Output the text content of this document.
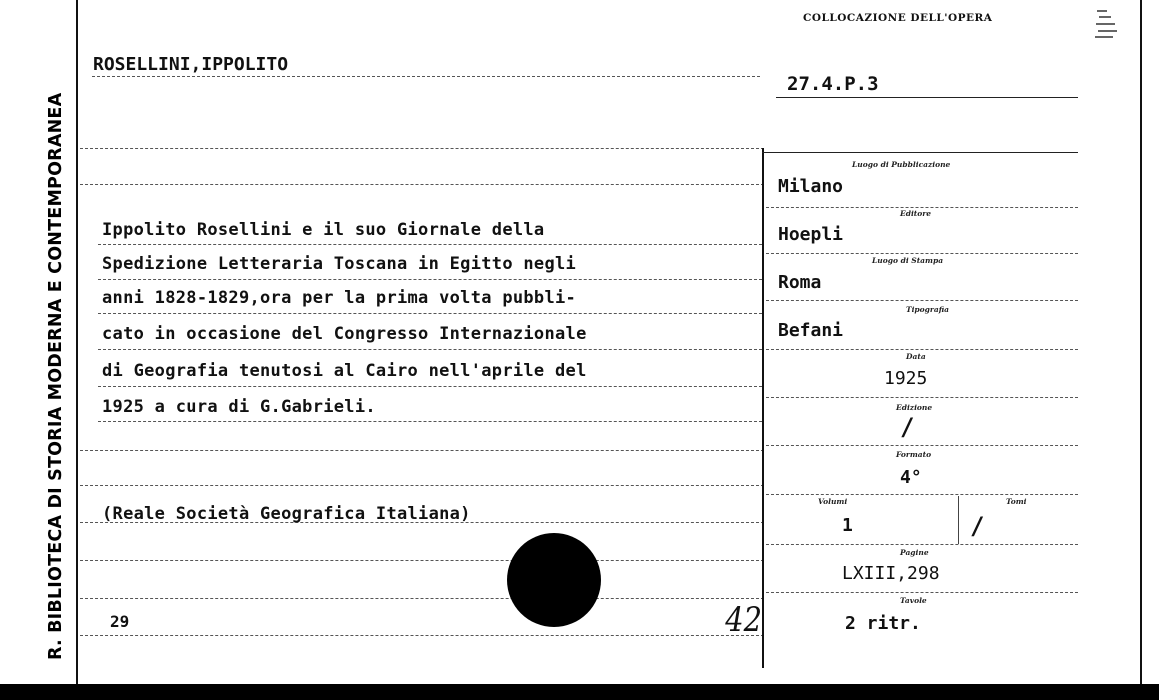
R. BIBLIOTECA DI STORIA MODERNA E CONTEMPORANEA
COLLOCAZIONE DELL'OPERA
27.4.P.3
ROSELLINI,IPPOLITO
Ippolito Rosellini e il suo Giornale della
Spedizione Letteraria Toscana in Egitto negli
anni 1828-1829,ora per la prima volta pubbli-
cato in occasione del Congresso Internazionale
di Geografia tenutosi al Cairo nell'aprile del
1925 a cura di G.Gabrieli.
(Reale Società Geografica Italiana)
29	42
Luogo di Pubblicazione
Milano
Editore
Hoepli
Luogo di Stampa
Roma
Tipografia
Befani
Data
1925
Edizione
/
Formato
4°
Volumi	Tomi
1	/
Pagine
LXIII,298
Tavole
2 ritr.
